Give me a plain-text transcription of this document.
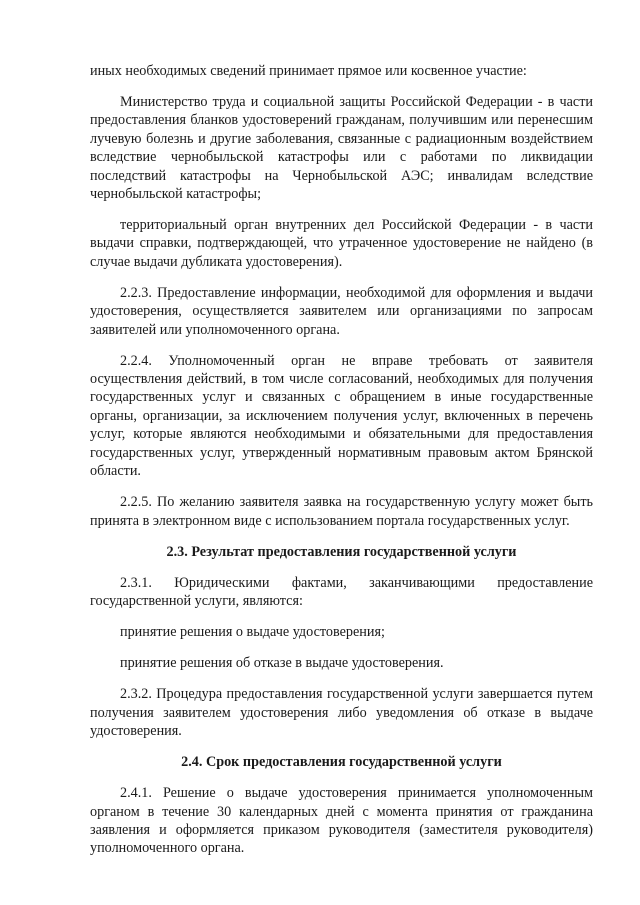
иных необходимых сведений принимает прямое или косвенное участие:

Министерство труда и социальной защиты Российской Федерации - в части предоставления бланков удостоверений гражданам, получившим или перенесшим лучевую болезнь и другие заболевания, связанные с радиационным воздействием вследствие чернобыльской катастрофы или с работами по ликвидации последствий катастрофы на Чернобыльской АЭС; инвалидам вследствие чернобыльской катастрофы;

территориальный орган внутренних дел Российской Федерации - в части выдачи справки, подтверждающей, что утраченное удостоверение не найдено (в случае выдачи дубликата удостоверения).

2.2.3. Предоставление информации, необходимой для оформления и выдачи удостоверения, осуществляется заявителем или организациями по запросам заявителей или уполномоченного органа.

2.2.4. Уполномоченный орган не вправе требовать от заявителя осуществления действий, в том числе согласований, необходимых для получения государственных услуг и связанных с обращением в иные государственные органы, организации, за исключением получения услуг, включенных в перечень услуг, которые являются необходимыми и обязательными для предоставления государственных услуг, утвержденный нормативным правовым актом Брянской области.

2.2.5. По желанию заявителя заявка на государственную услугу может быть принята в электронном виде с использованием портала государственных услуг.

2.3. Результат предоставления государственной услуги

2.3.1. Юридическими фактами, заканчивающими предоставление государственной услуги, являются:

принятие решения о выдаче удостоверения;

принятие решения об отказе в выдаче удостоверения.

2.3.2. Процедура предоставления государственной услуги завершается путем получения заявителем удостоверения либо уведомления об отказе в выдаче удостоверения.

2.4. Срок предоставления государственной услуги

2.4.1. Решение о выдаче удостоверения принимается уполномоченным органом в течение 30 календарных дней с момента принятия от гражданина заявления и оформляется приказом руководителя (заместителя руководителя) уполномоченного органа.
